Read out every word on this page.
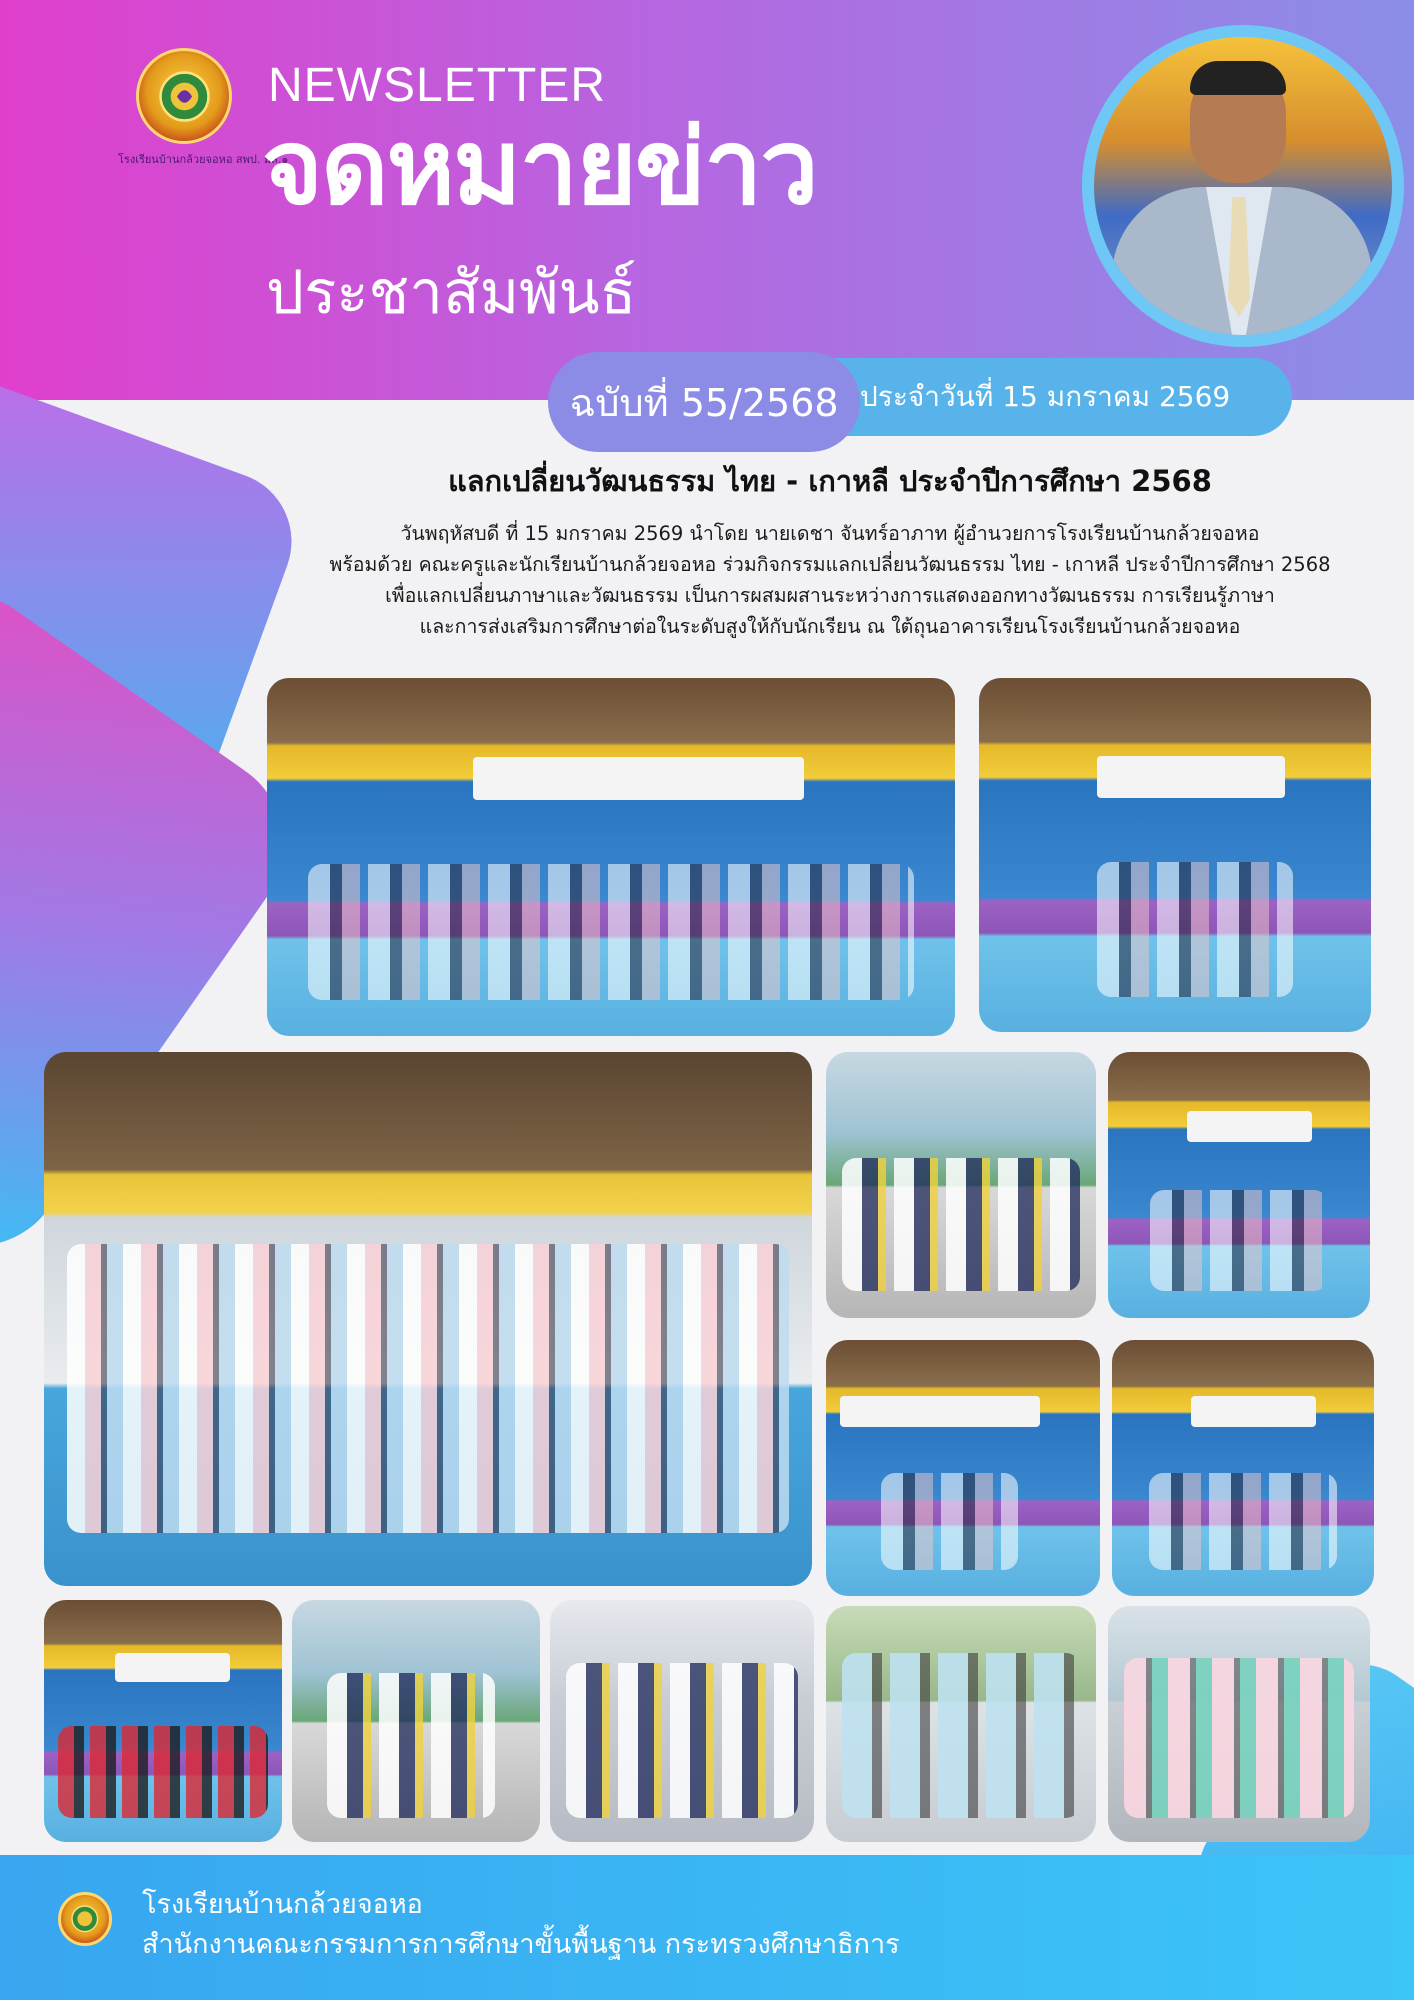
โรงเรียนบ้านกล้วยจอหอ สพป. มส.๑
NEWSLETTER
จดหมายข่าว
ประชาสัมพันธ์
ประจำวันที่ 15 มกราคม 2569
ฉบับที่ 55/2568
แลกเปลี่ยนวัฒนธรรม ไทย - เกาหลี ประจำปีการศึกษา 2568
วันพฤหัสบดี ที่ 15 มกราคม 2569 นำโดย นายเดชา จันทร์อาภาท ผู้อำนวยการโรงเรียนบ้านกล้วยจอหอ
พร้อมด้วย คณะครูและนักเรียนบ้านกล้วยจอหอ ร่วมกิจกรรมแลกเปลี่ยนวัฒนธรรม ไทย - เกาหลี ประจำปีการศึกษา 2568
เพื่อแลกเปลี่ยนภาษาและวัฒนธรรม เป็นการผสมผสานระหว่างการแสดงออกทางวัฒนธรรม การเรียนรู้ภาษา
และการส่งเสริมการศึกษาต่อในระดับสูงให้กับนักเรียน ณ ใต้ถุนอาคารเรียนโรงเรียนบ้านกล้วยจอหอ
โรงเรียนบ้านกล้วยจอหอ
สำนักงานคณะกรรมการการศึกษาขั้นพื้นฐาน กระทรวงศึกษาธิการ
